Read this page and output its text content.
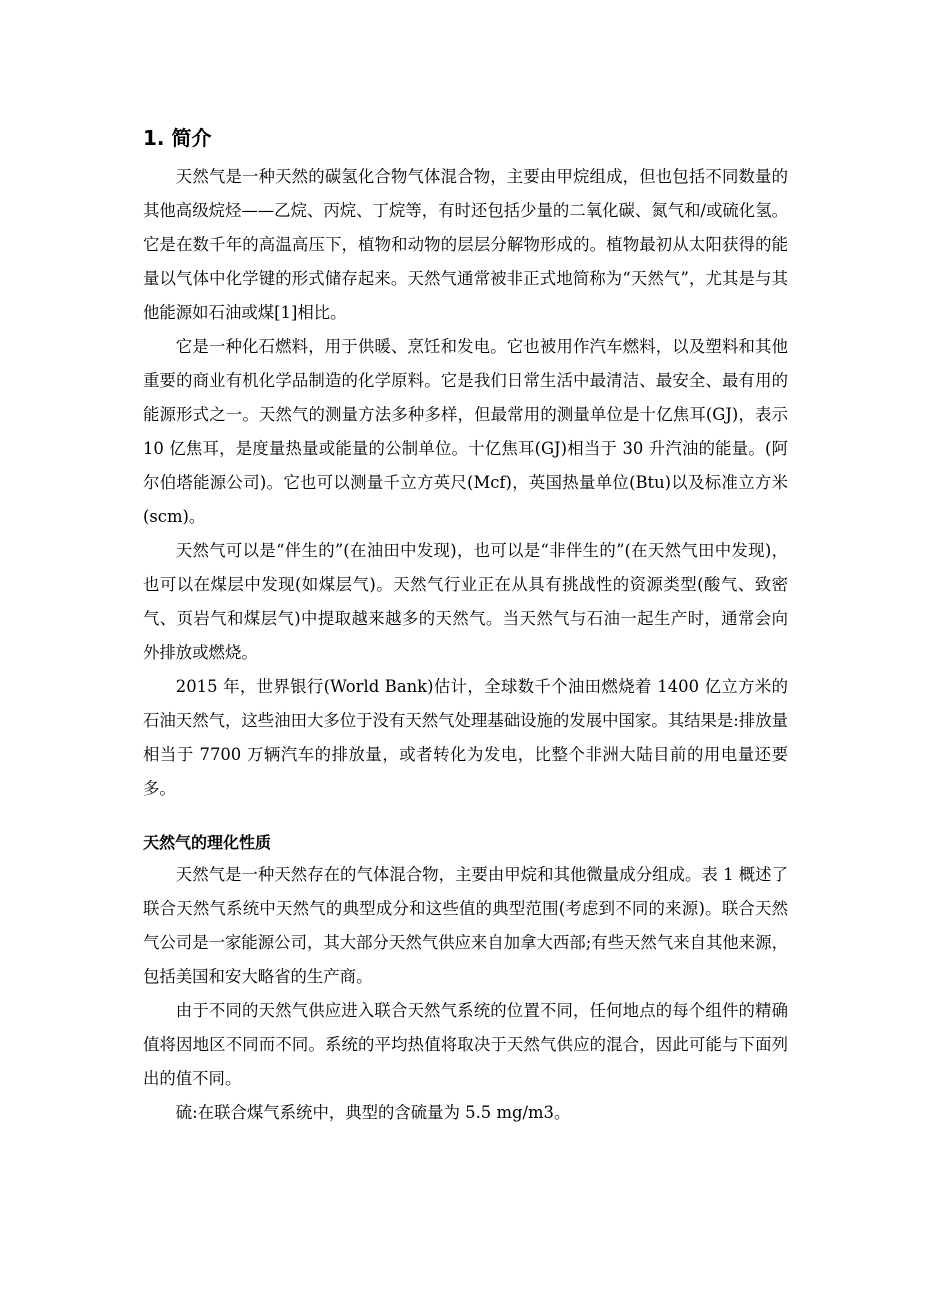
1. 简介

天然气是一种天然的碳氢化合物气体混合物，主要由甲烷组成，但也包括不同数量的其他高级烷烃——乙烷、丙烷、丁烷等，有时还包括少量的二氧化碳、氮气和/或硫化氢。它是在数千年的高温高压下，植物和动物的层层分解物形成的。植物最初从太阳获得的能量以气体中化学键的形式储存起来。天然气通常被非正式地简称为“天然气”，尤其是与其他能源如石油或煤[1]相比。

它是一种化石燃料，用于供暖、烹饪和发电。它也被用作汽车燃料，以及塑料和其他重要的商业有机化学品制造的化学原料。它是我们日常生活中最清洁、最安全、最有用的能源形式之一。天然气的测量方法多种多样，但最常用的测量单位是十亿焦耳(GJ)，表示 10 亿焦耳，是度量热量或能量的公制单位。十亿焦耳(GJ)相当于 30 升汽油的能量。(阿尔伯塔能源公司)。它也可以测量千立方英尺(Mcf)，英国热量单位(Btu)以及标准立方米(scm)。

天然气可以是“伴生的”(在油田中发现)，也可以是“非伴生的”(在天然气田中发现)，也可以在煤层中发现(如煤层气)。天然气行业正在从具有挑战性的资源类型(酸气、致密气、页岩气和煤层气)中提取越来越多的天然气。当天然气与石油一起生产时，通常会向外排放或燃烧。

2015 年，世界银行(World Bank)估计，全球数千个油田燃烧着 1400 亿立方米的石油天然气，这些油田大多位于没有天然气处理基础设施的发展中国家。其结果是:排放量相当于 7700 万辆汽车的排放量，或者转化为发电，比整个非洲大陆目前的用电量还要多。

天然气的理化性质

天然气是一种天然存在的气体混合物，主要由甲烷和其他微量成分组成。表 1 概述了联合天然气系统中天然气的典型成分和这些值的典型范围(考虑到不同的来源)。联合天然气公司是一家能源公司，其大部分天然气供应来自加拿大西部;有些天然气来自其他来源，包括美国和安大略省的生产商。

由于不同的天然气供应进入联合天然气系统的位置不同，任何地点的每个组件的精确值将因地区不同而不同。系统的平均热值将取决于天然气供应的混合，因此可能与下面列出的值不同。

硫:在联合煤气系统中，典型的含硫量为 5.5 mg/m3。
